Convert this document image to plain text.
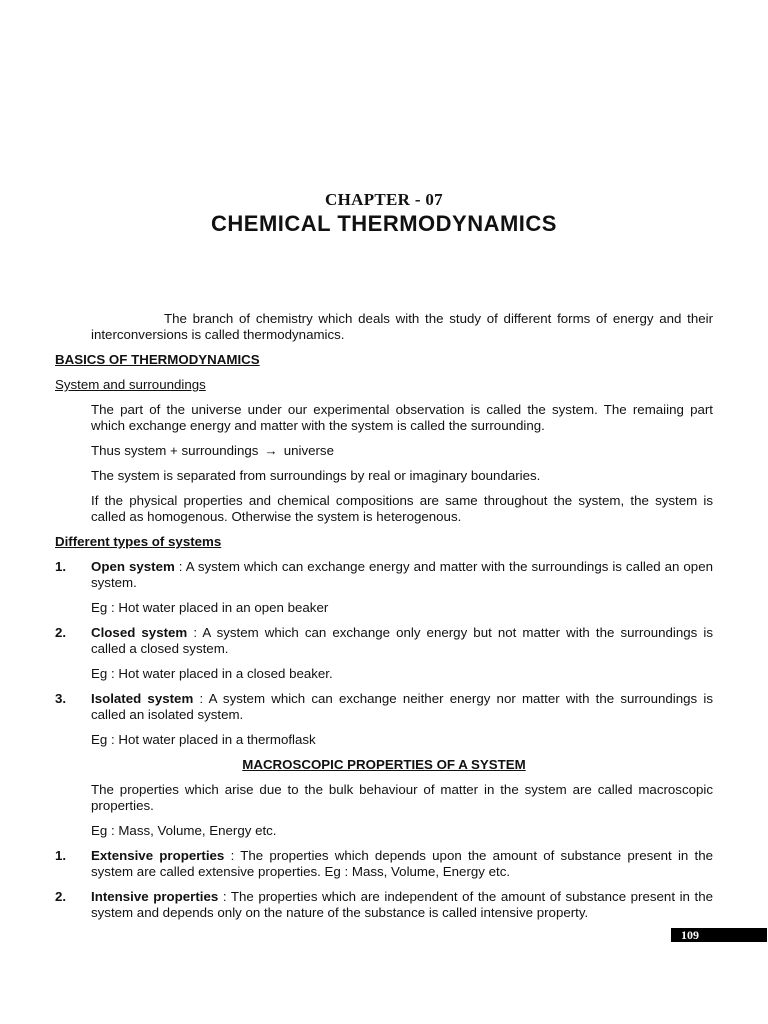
CHAPTER - 07
CHEMICAL THERMODYNAMICS

The branch of chemistry which deals with the study of different forms of energy and their interconversions is called thermodynamics.

BASICS OF THERMODYNAMICS

System and surroundings

The part of the universe under our experimental observation is called the system. The remaiing part which exchange energy and matter with the system is called the surrounding.

Thus system + surroundings → universe

The system is separated from surroundings by real or imaginary boundaries.

If the physical properties and chemical compositions are same throughout the system, the system is called as homogenous. Otherwise the system is heterogenous.

Different types of systems

1.	Open system : A system which can exchange energy and matter with the surroundings is called an open system.

Eg : Hot water placed in an open beaker

2.	Closed system : A system which can exchange only energy but not matter with the surroundings is called a closed system.

Eg : Hot water placed in a closed beaker.

3.	Isolated system : A system which can exchange neither energy nor matter with the surroundings is called an isolated system.

Eg : Hot water placed in a thermoflask

MACROSCOPIC PROPERTIES OF A SYSTEM

The properties which arise due to the bulk behaviour of matter in the system are called macroscopic properties.

Eg : Mass, Volume, Energy etc.

1.	Extensive properties : The properties which depends upon the amount of substance present in the system are called extensive properties. Eg : Mass, Volume, Energy etc.
2.	Intensive properties : The properties which are independent of the amount of substance present in the system and depends only on the nature of the substance is called intensive property.
109
